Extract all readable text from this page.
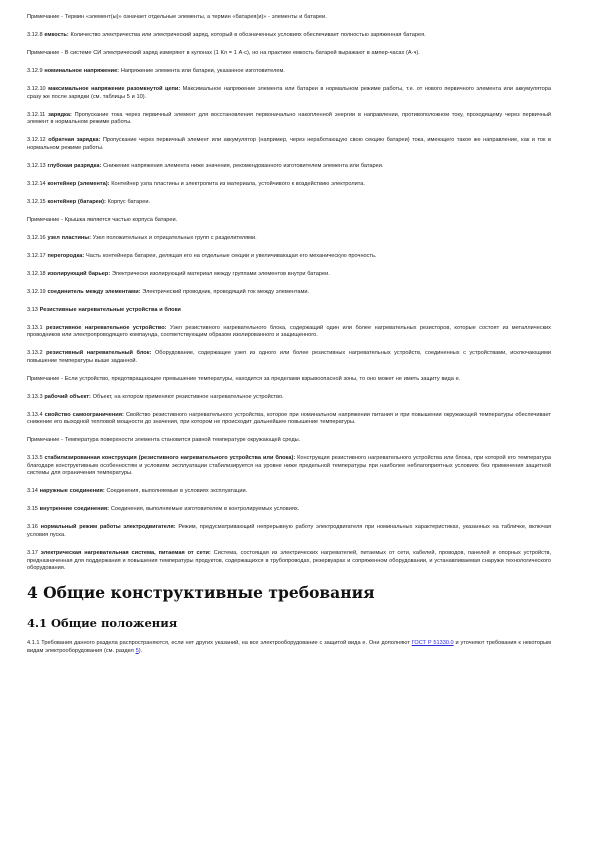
Примечание - Термин «элемент(ы)» означает отдельные элементы, а термин «батарея(и)» - элементы и батареи.
3.12.8 емкость: Количество электричества или электрический заряд, который в обозначенных условиях обеспечивает полностью заряженная батарея.
Примечание - В системе СИ электрический заряд измеряют в кулонах (1 Кл = 1 А·с), но на практике емкость батарей выражают в ампер-часах (А·ч).
3.12.9 номинальное напряжение: Напряжение элемента или батареи, указанное изготовителем.
3.12.10 максимальное напряжение разомкнутой цепи: Максимальное напряжение элемента или батареи в нормальном режиме работы, т.е. от нового первичного элемента или аккумулятора сразу же после зарядки (см. таблицы 5 и 10).
3.12.11 зарядка: Пропускание тока через первичный элемент для восстановления первоначально накопленной энергии в направлении, противоположном току, проходящему через первичный элемент в нормальном режиме работы.
3.12.12 обратная зарядка: Пропускание через первичный элемент или аккумулятор (например, через неработающую свою секцию батареи) тока, имеющего такое же направление, как и ток в нормальном режиме работы.
3.12.13 глубокая разрядка: Снижение напряжения элемента ниже значения, рекомендованного изготовителем элемента или батареи.
3.12.14 контейнер (элемента): Контейнер узла пластины и электролита из материала, устойчивого к воздействию электролита.
3.12.15 контейнер (батареи): Корпус батареи.
Примечание - Крышка является частью корпуса батареи.
3.12.16 узел пластины: Узел положительных и отрицательных групп с разделителями.
3.12.17 перегородка: Часть контейнера батареи, делящая его на отдельные секции и увеличивающая его механическую прочность.
3.12.18 изолирующий барьер: Электрически изолирующий материал между группами элементов внутри батареи.
3.12.19 соединитель между элементами: Электрический проводник, проводящий ток между элементами.
3.13 Резистивные нагревательные устройства и блоки
3.13.1 резистивное нагревательное устройство: Узел резистивного нагревательного блока, содержащий один или более нагревательных резисторов, которые состоят из металлических проводников или электропроводящего компаунда, соответствующим образом изолированного и защищенного.
3.13.2 резистивный нагревательный блок: Оборудование, содержащее узел из одного или более резистивных нагревательных устройств, соединенных с устройствами, исключающими повышение температуры выше заданной.
Примечание - Если устройство, предотвращающее превышение температуры, находится за пределами взрывоопасной зоны, то оно может не иметь защиту вида е.
3.13.3 рабочий объект: Объект, на котором применяют резистивное нагревательное устройство.
3.13.4 свойство самоограничения: Свойство резистивного нагревательного устройства, которое при номинальном напряжении питания и при повышении окружающей температуры обеспечивает снижение его выходной тепловой мощности до значения, при котором не происходит дальнейшее повышение температуры.
Примечание - Температура поверхности элемента становится равной температуре окружающей среды.
3.13.5 стабилизированная конструкция (резистивного нагревательного устройства или блока): Конструкция резистивного нагревательного устройства или блока, при которой его температура благодаря конструктивным особенностям и условиям эксплуатации стабилизируется на уровне ниже предельной температуры при наиболее неблагоприятных условиях без применения защитной системы для ограничения температуры.
3.14 наружные соединения: Соединения, выполняемые в условиях эксплуатации.
3.15 внутренние соединения: Соединения, выполняемые изготовителем в контролируемых условиях.
3.16 нормальный режим работы электродвигателя: Режим, предусматривающий непрерывную работу электродвигателя при номинальных характеристиках, указанных на табличке, включая условия пуска.
3.17 электрическая нагревательная система, питаемая от сети: Система, состоящая из электрических нагревателей, питаемых от сети, кабелей, проводов, панелей и опорных устройств, предназначенная для поддержания и повышения температуры продуктов, содержащихся в трубопроводах, резервуарах и сопряженном оборудовании, и устанавливаемая снаружи технологического оборудования.
4 Общие конструктивные требования
4.1 Общие положения
4.1.1 Требования данного раздела распространяются, если нет других указаний, на все электрооборудование с защитой вида е. Они дополняют ГОСТ Р 51330.0 и уточняют требования к некоторым видам электрооборудования (см. раздел 5).
